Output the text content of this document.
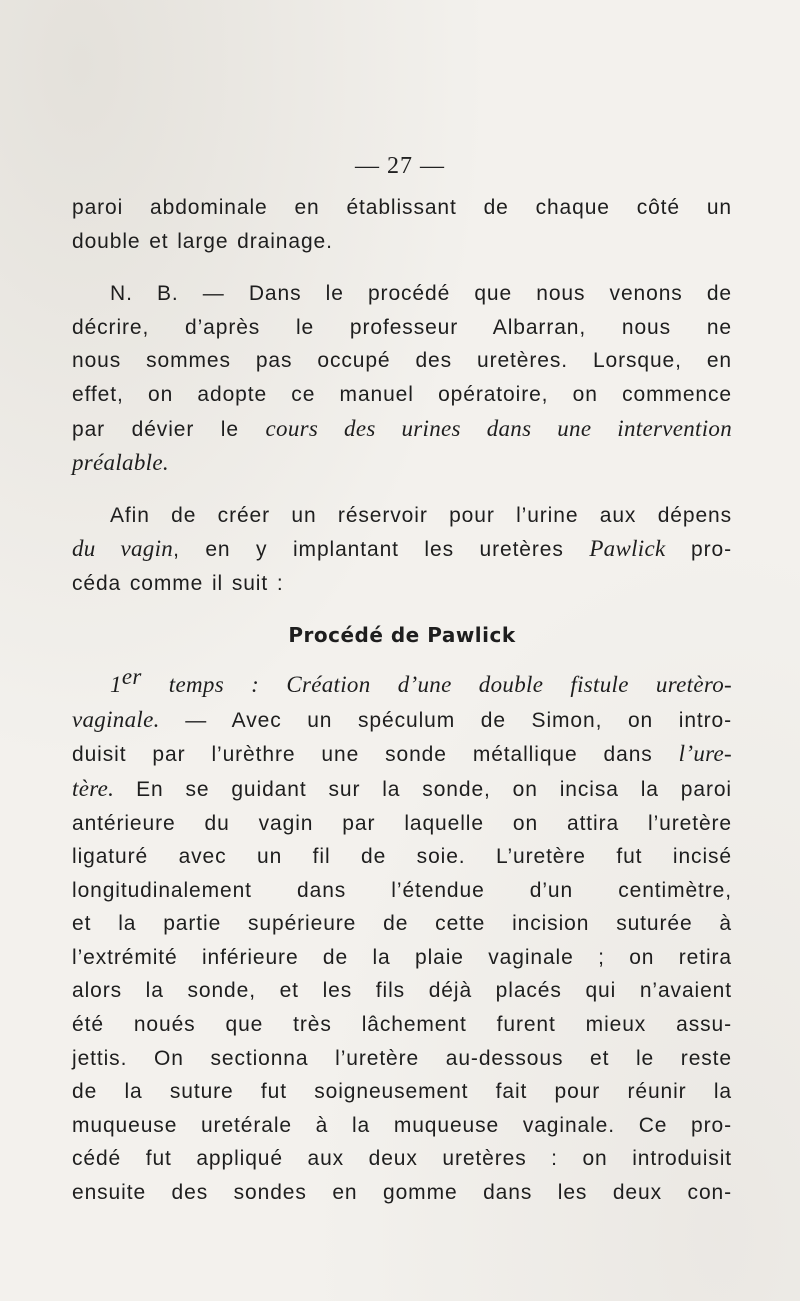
— 27 —
paroi abdominale en établissant de chaque côté un
double et large drainage.
N. B. — Dans le procédé que nous venons de
décrire, d’après le professeur Albarran, nous ne
nous sommes pas occupé des uretères. Lorsque, en
effet, on adopte ce manuel opératoire, on commence
par dévier le cours des urines dans une intervention
préalable.
Afin de créer un réservoir pour l’urine aux dépens
du vagin, en y implantant les uretères Pawlick pro-
céda comme il suit :
Procédé de Pawlick
1er temps : Création d’une double fistule uretèro-
vaginale. — Avec un spéculum de Simon, on intro-
duisit par l’urèthre une sonde métallique dans l’ure-
tère. En se guidant sur la sonde, on incisa la paroi
antérieure du vagin par laquelle on attira l’uretère
ligaturé avec un fil de soie. L’uretère fut incisé
longitudinalement dans l’étendue d’un centimètre,
et la partie supérieure de cette incision suturée à
l’extrémité inférieure de la plaie vaginale ; on retira
alors la sonde, et les fils déjà placés qui n’avaient
été noués que très lâchement furent mieux assu-
jettis. On sectionna l’uretère au-dessous et le reste
de la suture fut soigneusement fait pour réunir la
muqueuse uretérale à la muqueuse vaginale. Ce pro-
cédé fut appliqué aux deux uretères : on introduisit
ensuite des sondes en gomme dans les deux con-
